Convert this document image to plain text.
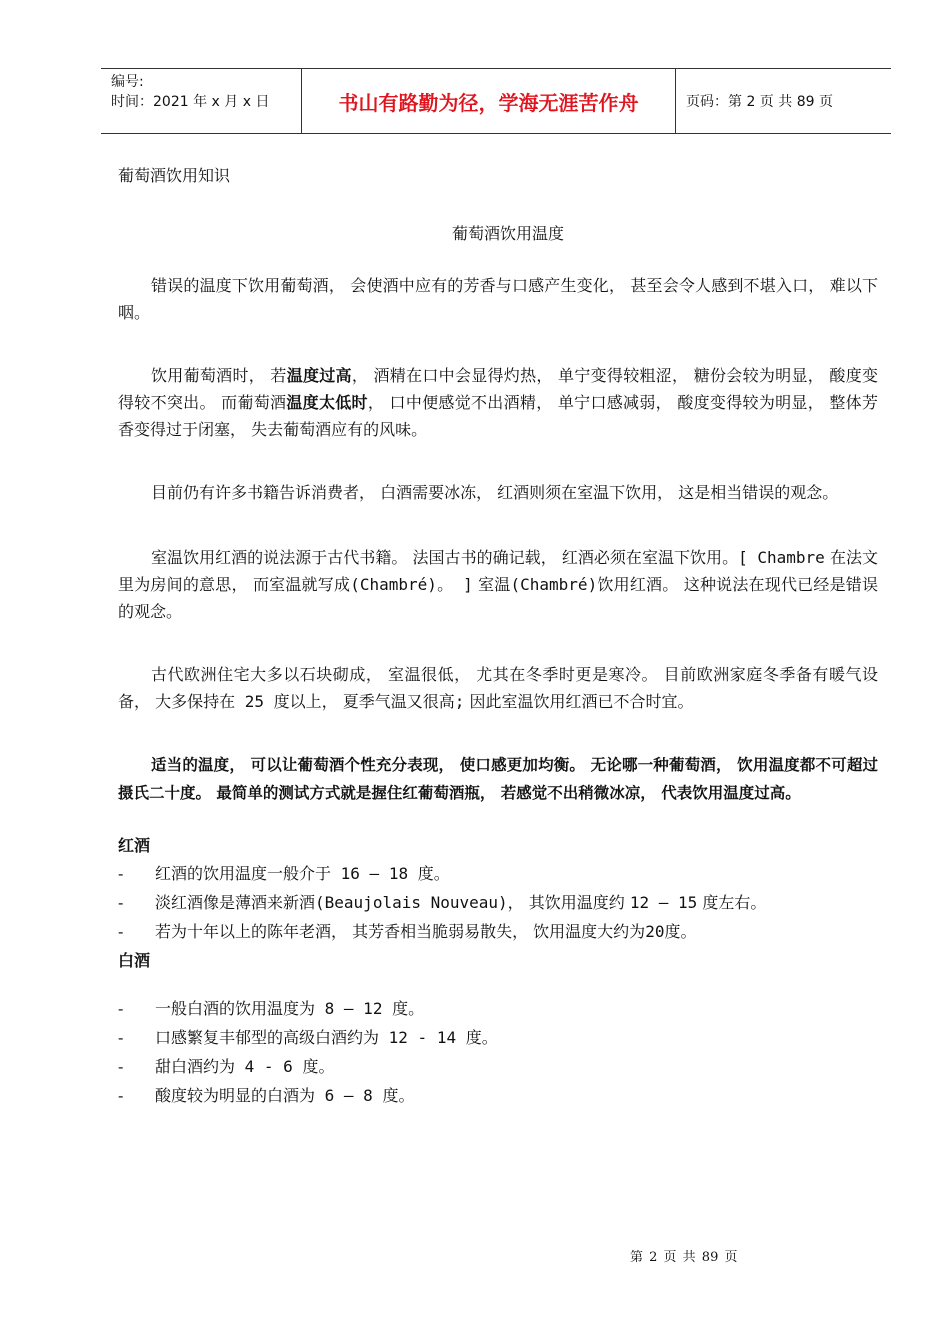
编号:
时间：2021 年 x 月 x 日	书山有路勤为径，学海无涯苦作舟	页码：第 2 页 共 89 页

葡萄酒饮用知识

葡萄酒饮用温度

错误的温度下饮用葡萄酒， 会使酒中应有的芳香与口感产生变化， 甚至会令人感到不堪入口， 难以下咽。

饮用葡萄酒时， 若温度过高， 酒精在口中会显得灼热， 单宁变得较粗涩， 糖份会较为明显， 酸度变得较不突出。 而葡萄酒温度太低时， 口中便感觉不出酒精， 单宁口感减弱， 酸度变得较为明显， 整体芳香变得过于闭塞， 失去葡萄酒应有的风味。

目前仍有许多书籍告诉消费者， 白酒需要冰冻， 红酒则须在室温下饮用， 这是相当错误的观念。

室温饮用红酒的说法源于古代书籍。 法国古书的确记载， 红酒必须在室温下饮用。[ Chambre 在法文里为房间的意思， 而室温就写成(Chambré)。 ] 室温(Chambré)饮用红酒。 这种说法在现代已经是错误的观念。

古代欧洲住宅大多以石块砌成， 室温很低， 尤其在冬季时更是寒冷。 目前欧洲家庭冬季备有暖气设备， 大多保持在 25 度以上， 夏季气温又很高; 因此室温饮用红酒已不合时宜。

适当的温度， 可以让葡萄酒个性充分表现， 使口感更加均衡。 无论哪一种葡萄酒， 饮用温度都不可超过摄氏二十度。 最简单的测试方式就是握住红葡萄酒瓶， 若感觉不出稍微冰凉， 代表饮用温度过高。

红酒

- 红酒的饮用温度一般介于 16 – 18 度。
- 淡红酒像是薄酒来新酒(Beaujolais Nouveau)， 其饮用温度约 12 – 15 度左右。
- 若为十年以上的陈年老酒， 其芳香相当脆弱易散失， 饮用温度大约为20度。

白酒

- 一般白酒的饮用温度为 8 – 12 度。
- 口感繁复丰郁型的高级白酒约为 12 - 14 度。
- 甜白酒约为 4 - 6 度。
- 酸度较为明显的白酒为 6 – 8 度。
第 2 页 共 89 页
